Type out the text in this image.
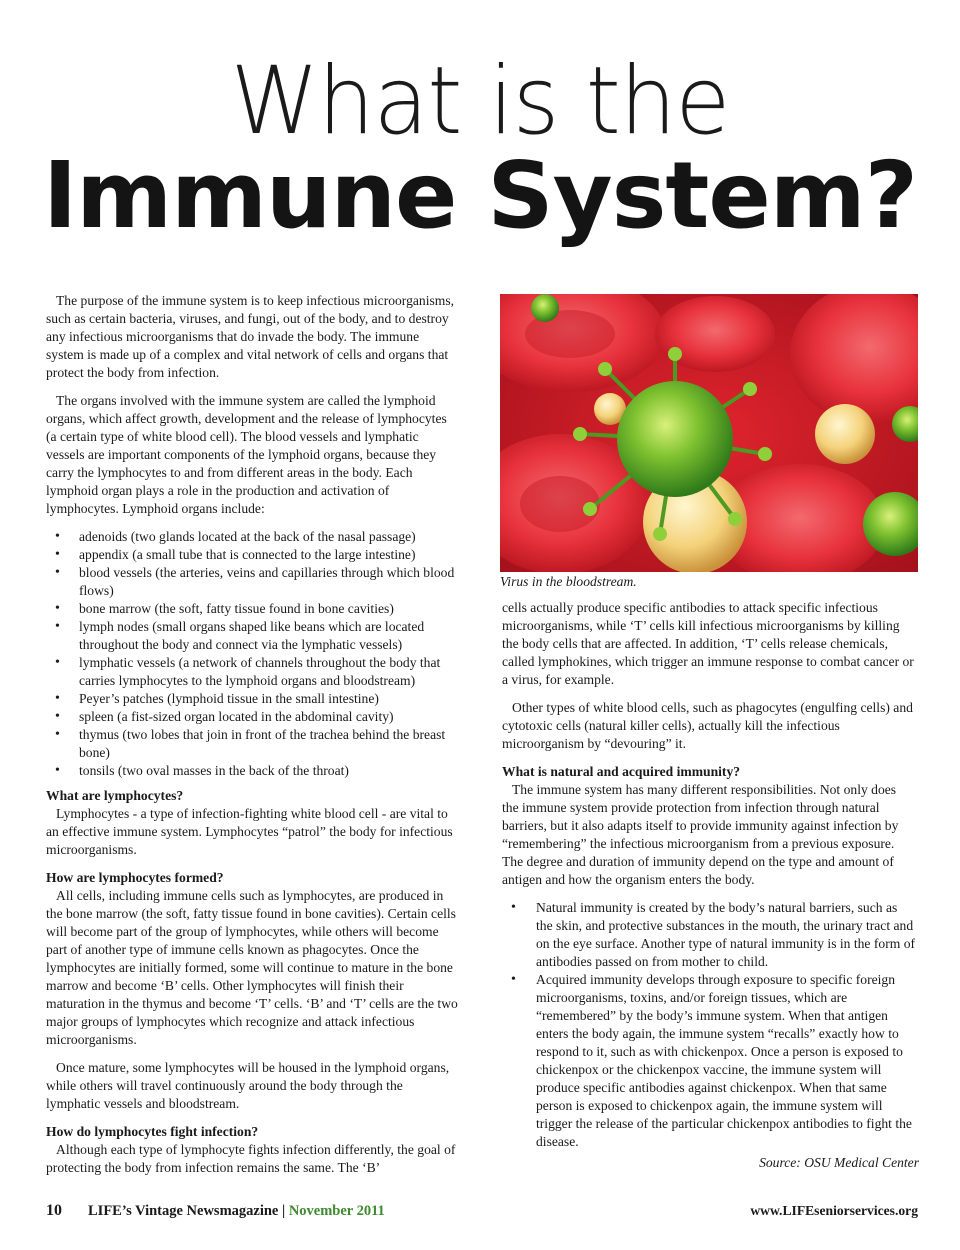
What is the
Immune System?

The purpose of the immune system is to keep infectious microorganisms, such as certain bacteria, viruses, and fungi, out of the body, and to destroy any infectious microorganisms that do invade the body. The immune system is made up of a complex and vital network of cells and organs that protect the body from infection.

The organs involved with the immune system are called the lymphoid organs, which affect growth, development and the release of lymphocytes (a certain type of white blood cell). The blood vessels and lymphatic vessels are important components of the lymphoid organs, because they carry the lymphocytes to and from different areas in the body. Each lymphoid organ plays a role in the production and activation of lymphocytes. Lymphoid organs include:

• adenoids (two glands located at the back of the nasal passage)
• appendix (a small tube that is connected to the large intestine)
• blood vessels (the arteries, veins and capillaries through which blood flows)
• bone marrow (the soft, fatty tissue found in bone cavities)
• lymph nodes (small organs shaped like beans which are located throughout the body and connect via the lymphatic vessels)
• lymphatic vessels (a network of channels throughout the body that carries lymphocytes to the lymphoid organs and bloodstream)
• Peyer’s patches (lymphoid tissue in the small intestine)
• spleen (a fist-sized organ located in the abdominal cavity)
• thymus (two lobes that join in front of the trachea behind the breast bone)
• tonsils (two oval masses in the back of the throat)
What are lymphocytes?

Lymphocytes - a type of infection-fighting white blood cell - are vital to an effective immune system. Lymphocytes “patrol” the body for infectious microorganisms.

How are lymphocytes formed?

All cells, including immune cells such as lymphocytes, are produced in the bone marrow (the soft, fatty tissue found in bone cavities). Certain cells will become part of the group of lymphocytes, while others will become part of another type of immune cells known as phagocytes. Once the lymphocytes are initially formed, some will continue to mature in the bone marrow and become ‘B’ cells. Other lymphocytes will finish their maturation in the thymus and become ‘T’ cells. ‘B’ and ‘T’ cells are the two major groups of lymphocytes which recognize and attack infectious microorganisms.

Once mature, some lymphocytes will be housed in the lymphoid organs, while others will travel continuously around the body through the lymphatic vessels and bloodstream.

How do lymphocytes fight infection?

Although each type of lymphocyte fights infection differently, the goal of protecting the body from infection remains the same. The ‘B’

Virus in the bloodstream.

cells actually produce specific antibodies to attack specific infectious microorganisms, while ‘T’ cells kill infectious microorganisms by killing the body cells that are affected. In addition, ‘T’ cells release chemicals, called lymphokines, which trigger an immune response to combat cancer or a virus, for example.

Other types of white blood cells, such as phagocytes (engulfing cells) and cytotoxic cells (natural killer cells), actually kill the infectious microorganism by “devouring” it.

What is natural and acquired immunity?

The immune system has many different responsibilities. Not only does the immune system provide protection from infection through natural barriers, but it also adapts itself to provide immunity against infection by “remembering” the infectious microorganism from a previous exposure. The degree and duration of immunity depend on the type and amount of antigen and how the organism enters the body.

• Natural immunity is created by the body’s natural barriers, such as the skin, and protective substances in the mouth, the urinary tract and on the eye surface. Another type of natural immunity is in the form of antibodies passed on from mother to child.
• Acquired immunity develops through exposure to specific foreign microorganisms, toxins, and/or foreign tissues, which are “remembered” by the body’s immune system. When that antigen enters the body again, the immune system “recalls” exactly how to respond to it, such as with chickenpox. Once a person is exposed to chickenpox or the chickenpox vaccine, the immune system will produce specific antibodies against chickenpox. When that same person is exposed to chickenpox again, the immune system will trigger the release of the particular chickenpox antibodies to fight the disease.
Source: OSU Medical Center
10 LIFE’s Vintage Newsmagazine | November 2011	www.LIFEseniorservices.org
